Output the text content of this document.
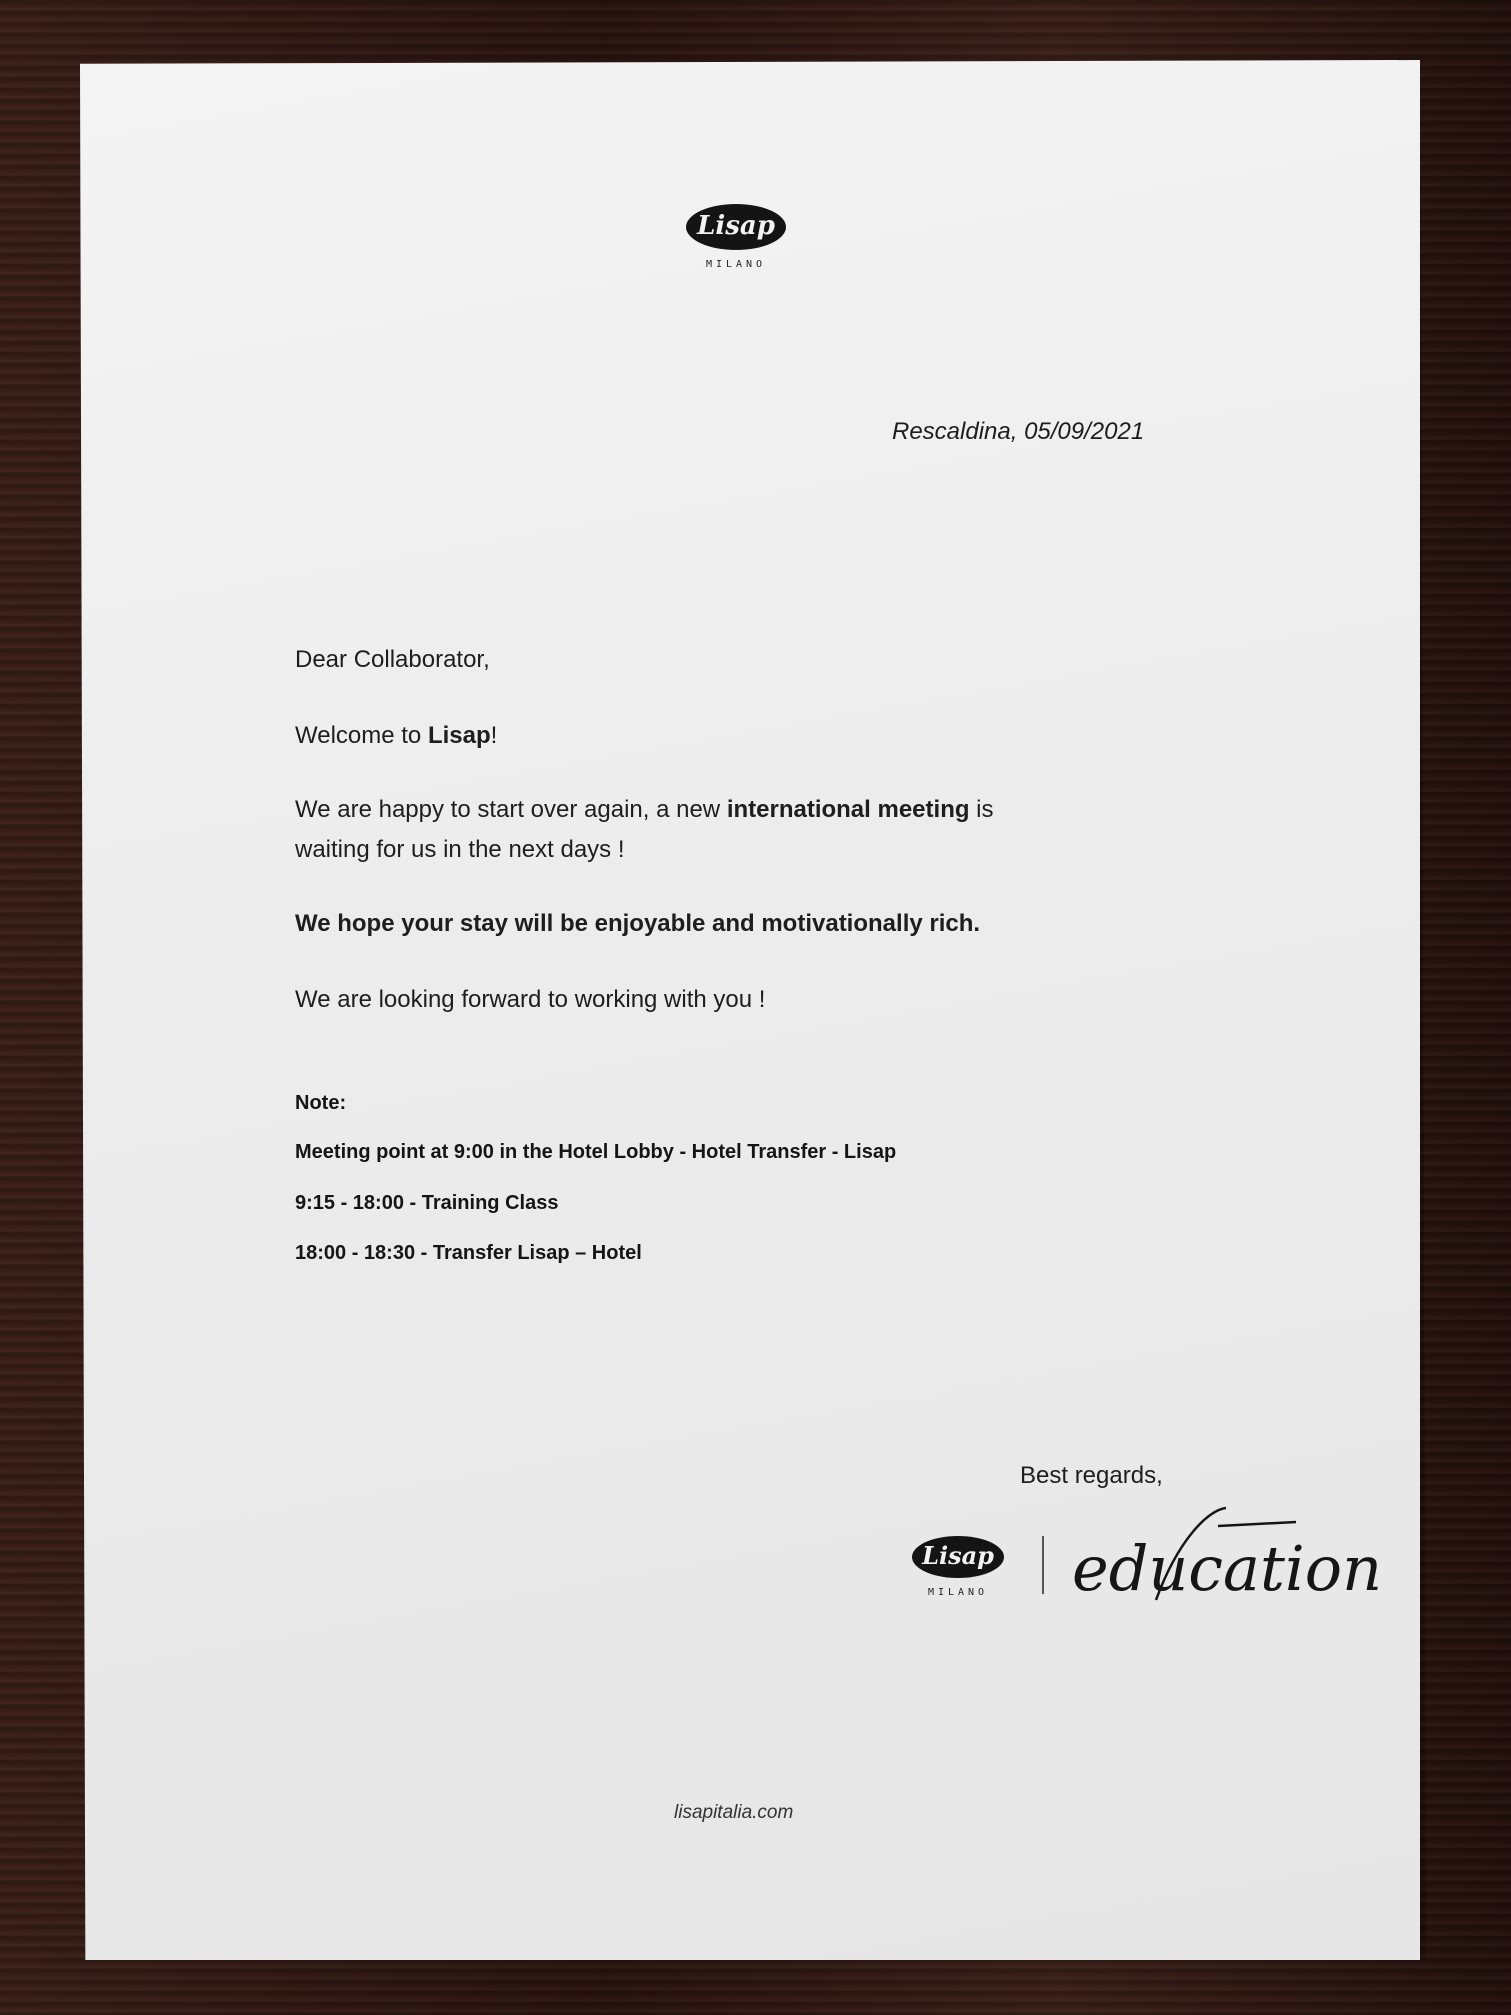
Lisap
MILANO
Rescaldina, 05/09/2021
Dear Collaborator,
Welcome to Lisap!
We are happy to start over again, a new international meeting is
waiting for us in the next days !
We hope your stay will be enjoyable and motivationally rich.
We are looking forward to working with you !
Note:
Meeting point at 9:00 in the Hotel Lobby - Hotel Transfer - Lisap
9:15 - 18:00 - Training Class
18:00 - 18:30 - Transfer Lisap – Hotel
Best regards,
Lisap
MILANO education
lisapitalia.com
